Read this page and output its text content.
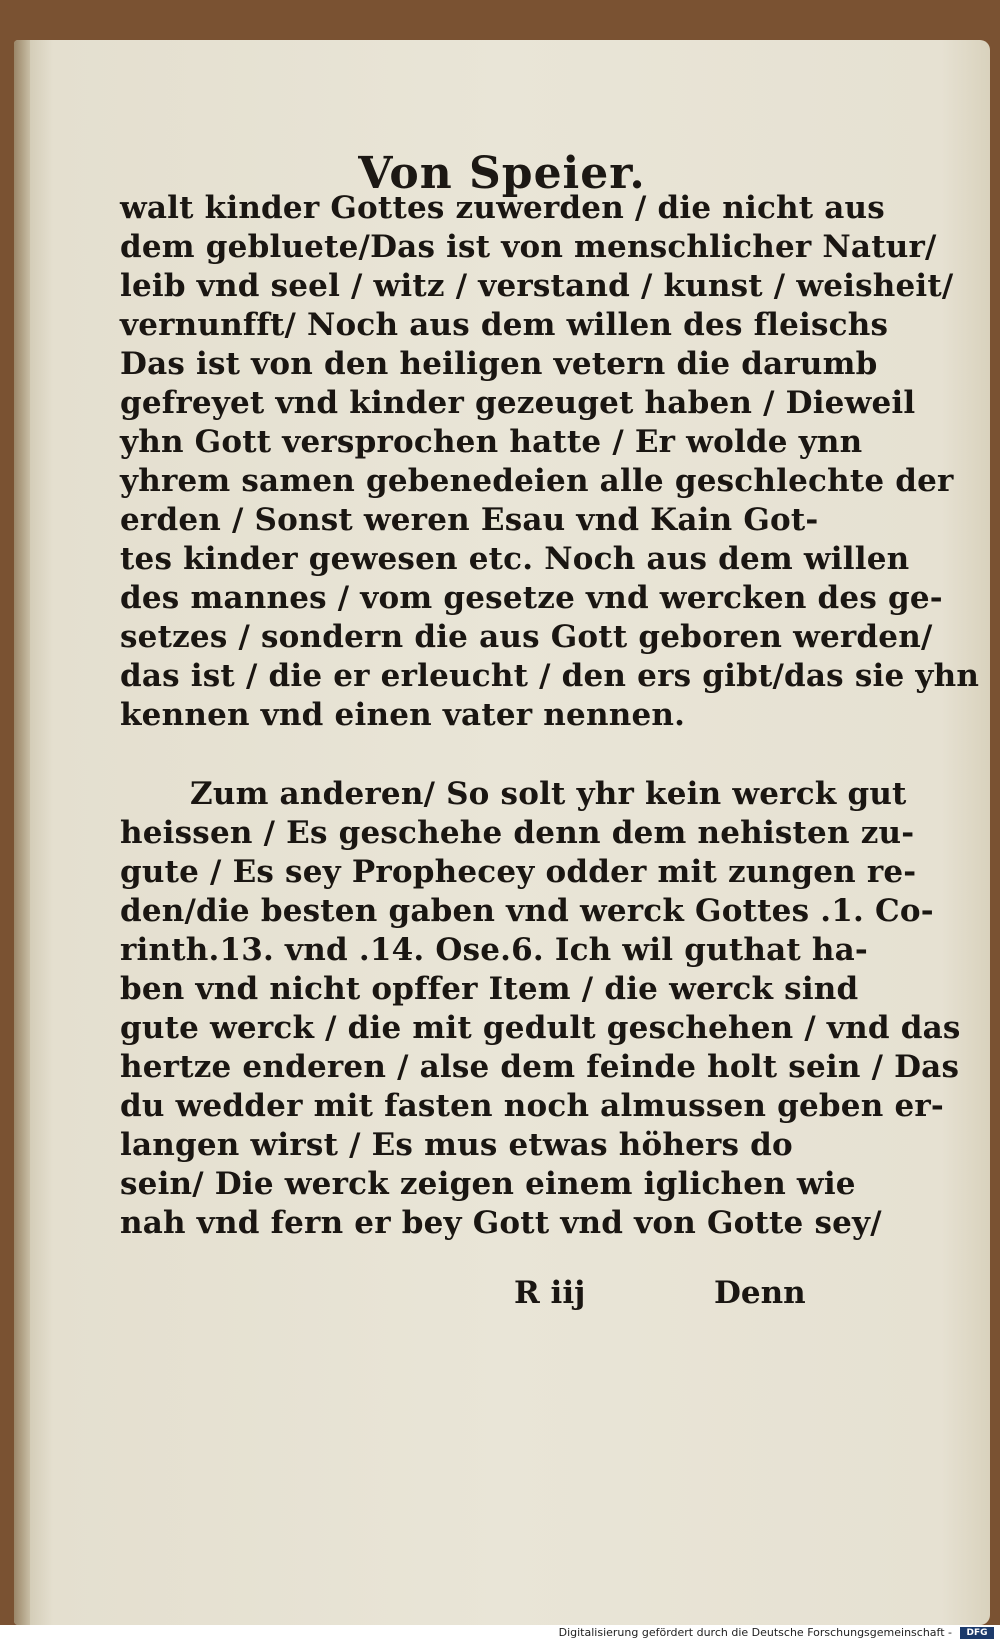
Von Speier.
walt kinder Gottes zuwerden / die nicht aus
dem gebluete/Das ist von menschlicher Natur/
leib vnd seel / witz / verstand / kunst / weisheit/
vernunfft/ Noch aus dem willen des fleischs
Das ist von den heiligen vetern die darumb
gefreyet vnd kinder gezeuget haben / Dieweil
yhn Gott versprochen hatte / Er wolde ynn
yhrem samen gebenedeien alle geschlechte der
erden / Sonst weren Esau vnd Kain Got-
tes kinder gewesen etc. Noch aus dem willen
des mannes / vom gesetze vnd wercken des ge-
setzes / sondern die aus Gott geboren werden/
das ist / die er erleucht / den ers gibt/das sie yhn
kennen vnd einen vater nennen.
Zum anderen/ So solt yhr kein werck gut
heissen / Es geschehe denn dem nehisten zu-
gute / Es sey Prophecey odder mit zungen re-
den/die besten gaben vnd werck Gottes .1. Co-
rinth.13. vnd .14. Ose.6. Ich wil guthat ha-
ben vnd nicht opffer Item / die werck sind
gute werck / die mit gedult geschehen / vnd das
hertze enderen / alse dem feinde holt sein / Das
du wedder mit fasten noch almussen geben er-
langen wirst / Es mus etwas höhers do
sein/ Die werck zeigen einem iglichen wie
nah vnd fern er bey Gott vnd von Gotte sey/
R iij	Denn
Digitalisierung gefördert durch die Deutsche Forschungsgemeinschaft -	DFG
